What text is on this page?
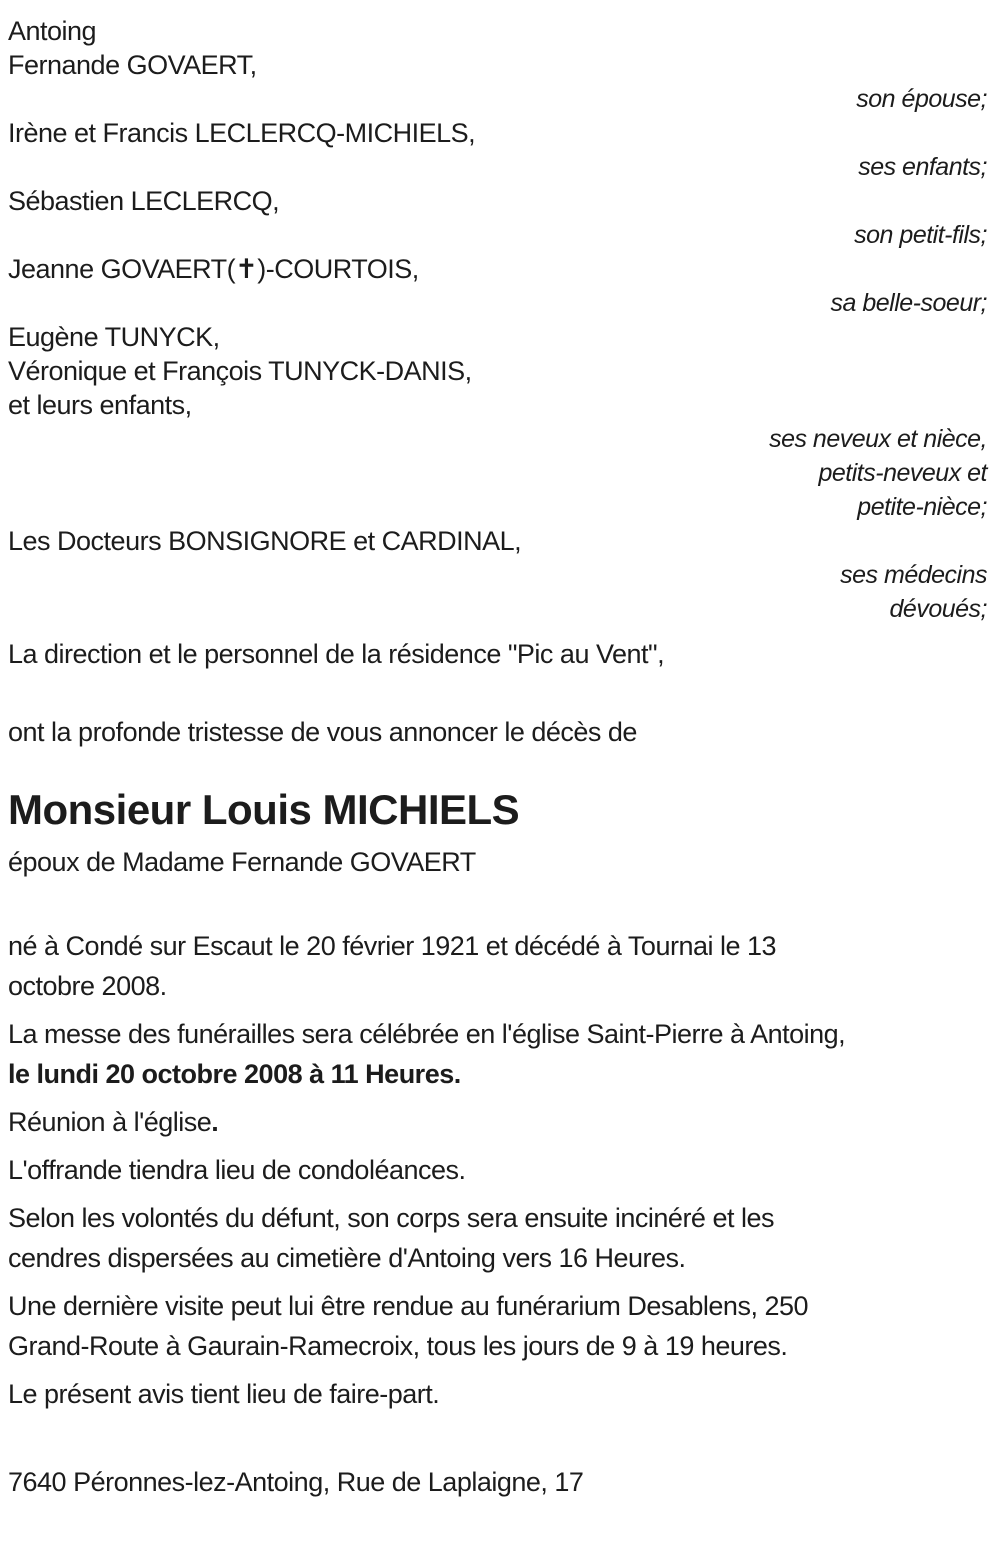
Antoing
Fernande GOVAERT,
son épouse;
Irène et Francis LECLERCQ-MICHIELS,
ses enfants;
Sébastien LECLERCQ,
son petit-fils;
Jeanne GOVAERT(✝)-COURTOIS,
sa belle-soeur;
Eugène TUNYCK,
Véronique et François TUNYCK-DANIS,
et leurs enfants,
ses neveux et nièce,
petits-neveux et
petite-nièce;
Les Docteurs BONSIGNORE et CARDINAL,
ses médecins
dévoués;
La direction et le personnel de la résidence "Pic au Vent",
ont la profonde tristesse de vous annoncer le décès de
Monsieur Louis MICHIELS
époux de Madame Fernande GOVAERT
né à Condé sur Escaut le 20 février 1921 et décédé à Tournai le 13
octobre 2008.
La messe des funérailles sera célébrée en l'église Saint-Pierre à Antoing,
le lundi 20 octobre 2008 à 11 Heures.
Réunion à l'église.
L'offrande tiendra lieu de condoléances.
Selon les volontés du défunt, son corps sera ensuite incinéré et les
cendres dispersées au cimetière d'Antoing vers 16 Heures.
Une dernière visite peut lui être rendue au funérarium Desablens, 250
Grand-Route à Gaurain-Ramecroix, tous les jours de 9 à 19 heures.
Le présent avis tient lieu de faire-part.
7640 Péronnes-lez-Antoing, Rue de Laplaigne, 17
